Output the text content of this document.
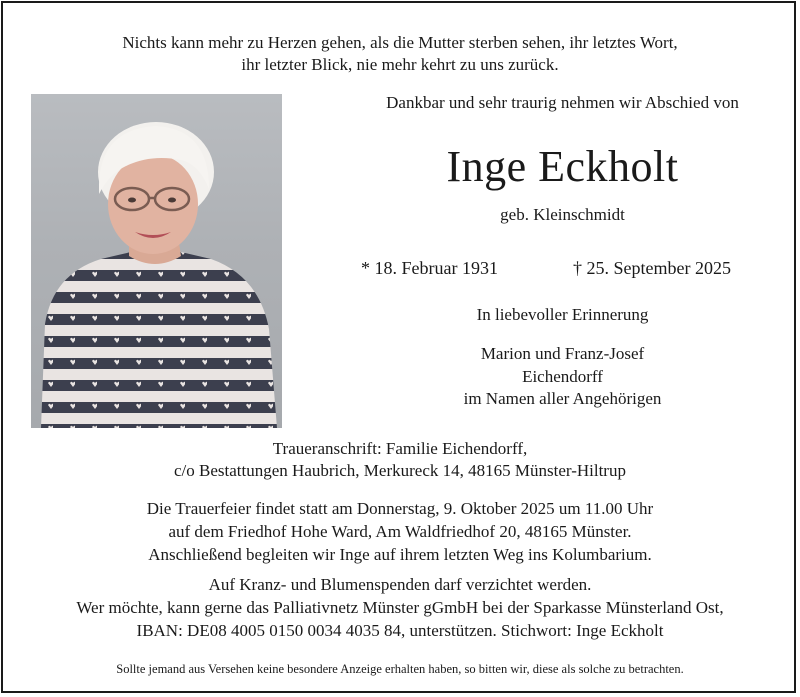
Nichts kann mehr zu Herzen gehen, als die Mutter sterben sehen, ihr letztes Wort,
ihr letzter Blick, nie mehr kehrt zu uns zurück.
Dankbar und sehr traurig nehmen wir Abschied von
Inge Eckholt
geb. Kleinschmidt
* 18. Februar 1931	† 25. September 2025
In liebevoller Erinnerung
Marion und Franz-Josef
Eichendorff
im Namen aller Angehörigen
Traueranschrift: Familie Eichendorff,
c/o Bestattungen Haubrich, Merkureck 14, 48165 Münster-Hiltrup
Die Trauerfeier findet statt am Donnerstag, 9. Oktober 2025 um 11.00 Uhr
auf dem Friedhof Hohe Ward, Am Waldfriedhof 20, 48165 Münster.
Anschließend begleiten wir Inge auf ihrem letzten Weg ins Kolumbarium.
Auf Kranz- und Blumenspenden darf verzichtet werden.
Wer möchte, kann gerne das Palliativnetz Münster gGmbH bei der Sparkasse Münsterland Ost,
IBAN: DE08 4005 0150 0034 4035 84, unterstützen. Stichwort: Inge Eckholt
Sollte jemand aus Versehen keine besondere Anzeige erhalten haben, so bitten wir, diese als solche zu betrachten.
